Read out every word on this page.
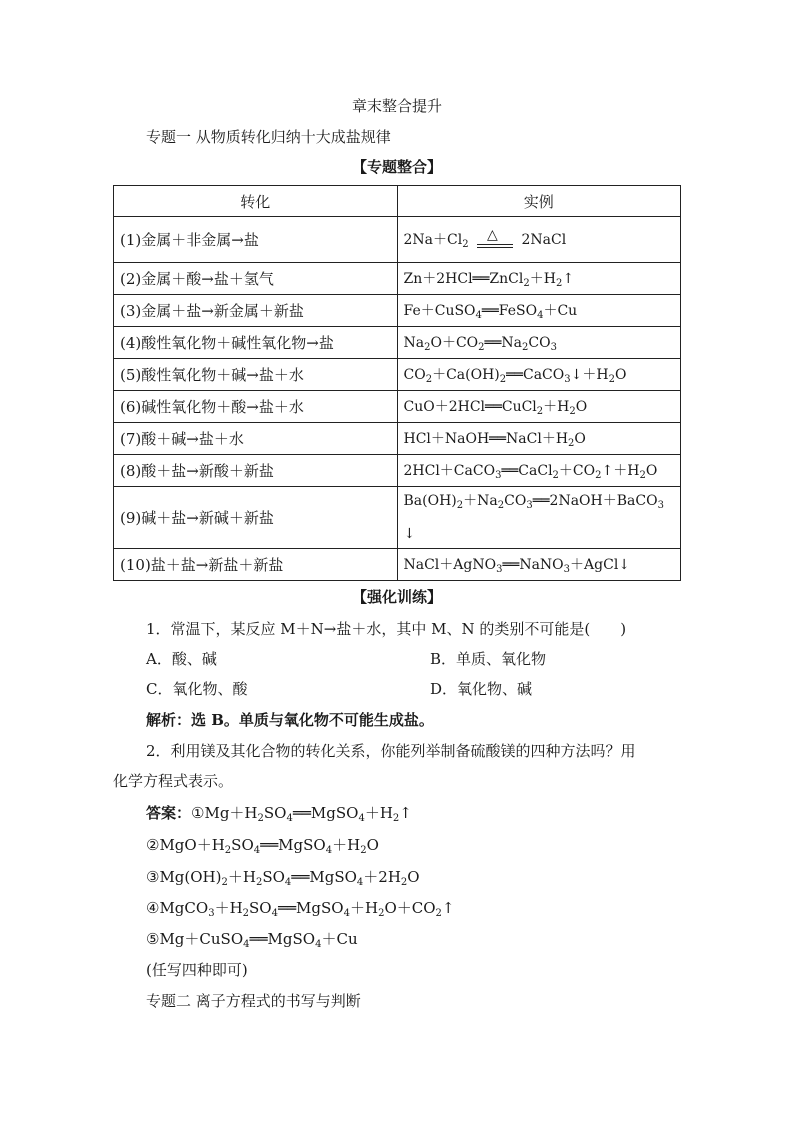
章末整合提升
专题一 从物质转化归纳十大成盐规律
【专题整合】
转化	实例
(1)金属＋非金属→盐	$2Na+Cl_2$
△ 2NaCl
(2)金属＋酸→盐＋氢气	$Zn+2HCl══ZnCl_2+H_2$ ↑
(3)金属＋盐→新金属＋新盐	Fe＋CuSO$_4$══FeSO$_4$＋Cu
(4)酸性氧化物＋碱性氧化物→盐	$Na_2O+CO_2══Na_2CO_3$
(5)酸性氧化物＋碱→盐＋水	$CO_2+Ca(OH)_2══CaCO_3$ ↓ $+H_2O$
(6)碱性氧化物＋酸→盐＋水	$CuO+2HCl══CuCl_2+H_2O$
(7)酸＋碱→盐＋水	$HCl+NaOH══NaCl+H_2O$
(8)酸＋盐→新酸＋新盐	$2HCl+CaCO_3══CaCl_2+CO_2$ ↑ $+H_2O$
(9)碱＋盐→新碱＋新盐	$Ba(OH)_2+Na_2CO_3══2NaOH+BaCO_3$
↓
(10)盐＋盐→新盐＋新盐	NaCl＋AgNO$_3$══NaNO$_3$＋AgCl ↓
【强化训练】
1．常温下，某反应 M＋N→盐＋水，其中 M、N 的类别不可能是(　　)
A．酸、碱	B．单质、氧化物
C．氧化物、酸	D．氧化物、碱
解析：选 B。单质与氧化物不可能生成盐。
2．利用镁及其化合物的转化关系，你能列举制备硫酸镁的四种方法吗？用
化学方程式表示。
答案：$①Mg+H_2SO_4══MgSO_4+H_2$ ↑
$②MgO+H_2SO_4══MgSO_4+H_2O$
$③Mg(OH)_2+H_2SO_4══MgSO_4+2H_2O$
$④MgCO_3+H_2SO_4══MgSO_4+H_2O+CO_2$ ↑
⑤Mg＋CuSO$_4$══MgSO$_4$＋Cu
(任写四种即可)
专题二 离子方程式的书写与判断
